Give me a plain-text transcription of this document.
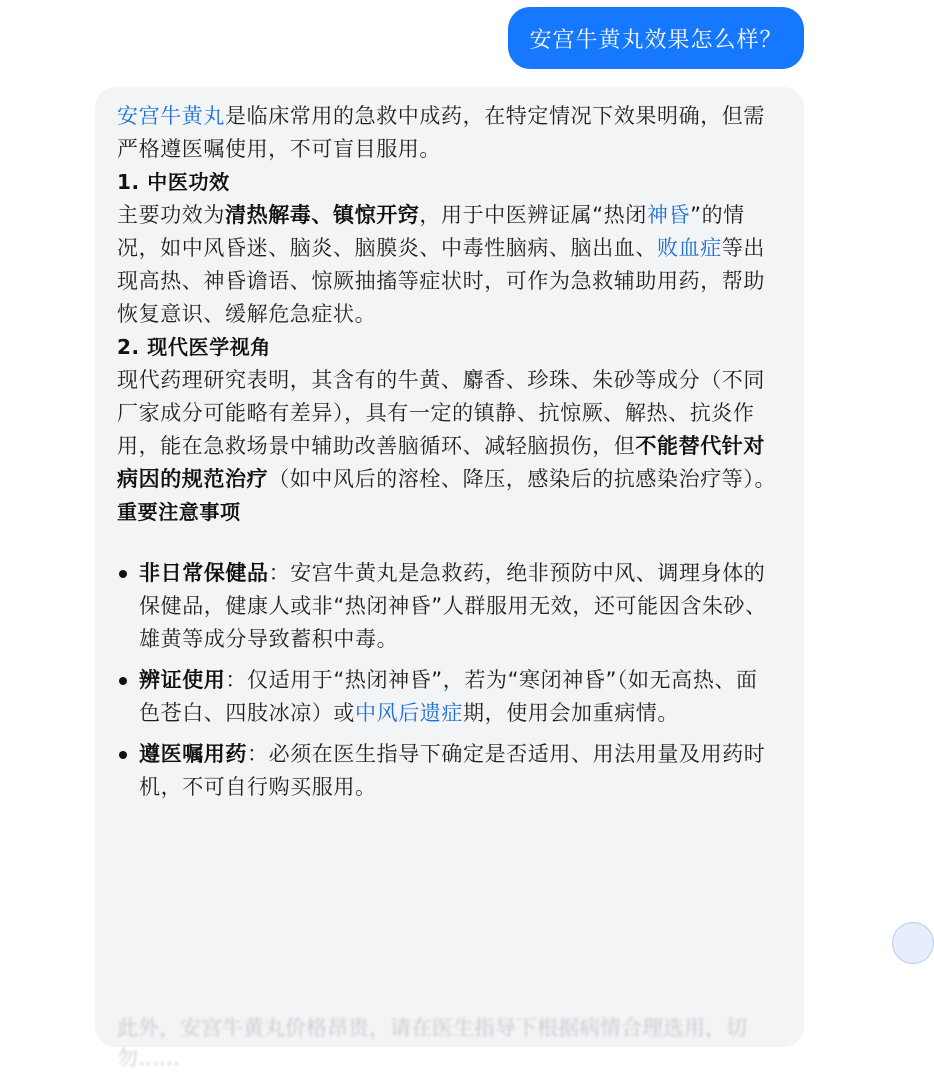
安宫牛黄丸效果怎么样？

安宫牛黄丸是临床常用的急救中成药，在特定情况下效果明确，但需严格遵医嘱使用，不可盲目服用。

1. 中医功效

主要功效为清热解毒、镇惊开窍，用于中医辨证属“热闭神昏”的情况，如中风昏迷、脑炎、脑膜炎、中毒性脑病、脑出血、败血症等出现高热、神昏谵语、惊厥抽搐等症状时，可作为急救辅助用药，帮助恢复意识、缓解危急症状。

2. 现代医学视角

现代药理研究表明，其含有的牛黄、麝香、珍珠、朱砂等成分（不同厂家成分可能略有差异），具有一定的镇静、抗惊厥、解热、抗炎作用，能在急救场景中辅助改善脑循环、减轻脑损伤，但不能替代针对病因的规范治疗（如中风后的溶栓、降压，感染后的抗感染治疗等）。

重要注意事项

非日常保健品：安宫牛黄丸是急救药，绝非预防中风、调理身体的保健品，健康人或非“热闭神昏”人群服用无效，还可能因含朱砂、雄黄等成分导致蓄积中毒。
辨证使用：仅适用于“热闭神昏”，若为“寒闭神昏”（如无高热、面色苍白、四肢冰凉）或中风后遗症期，使用会加重病情。
遵医嘱用药：必须在医生指导下确定是否适用、用法用量及用药时机，不可自行购买服用。
此外，安宫牛黄丸价格昂贵，请在医生指导下根据病情合理选用，切勿……
